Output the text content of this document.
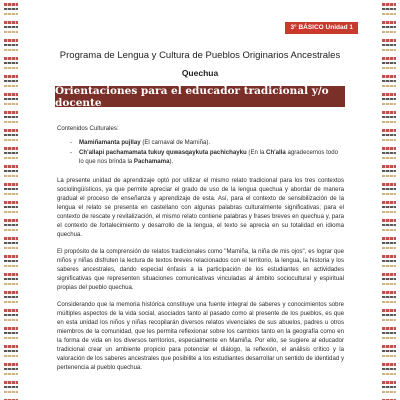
3° BÁSICO Unidad 1
Programa de Lengua y Cultura de Pueblos Originarios Ancestrales
Quechua
Orientaciones para el educador tradicional y/o docente

Contenidos Culturales:

- Mamiñamanta pujllay (El carnaval de Mamiña).
- Ch'allapi pachamamata tukuy quwasqaykuta pachichayku (En la Ch'alla agradecemos todo lo que nos brinda la Pachamama).

La presente unidad de aprendizaje optó por utilizar el mismo relato tradicional para los tres contextos sociolingüísticos, ya que permite apreciar el grado de uso de la lengua quechua y abordar de manera gradual el proceso de enseñanza y aprendizaje de esta. Así, para el contexto de sensibilización de la lengua el relato se presenta en castellano con algunas palabras culturalmente significativas; para el contexto de rescate y revitalización, el mismo relato contiene palabras y frases breves en quechua y, para el contexto de fortalecimiento y desarrollo de la lengua, el texto se aprecia en su totalidad en idioma quechua.

El propósito de la comprensión de relatos tradicionales como "Mamiña, la niña de mis ojos", es lograr que niños y niñas disfruten la lectura de textos breves relacionados con el territorio, la lengua, la historia y los saberes ancestrales, dando especial énfasis a la participación de los estudiantes en actividades significativas que representen situaciones comunicativas vinculadas al ámbito sociocultural y espiritual propias del pueblo quechua.

Considerando que la memoria histórica constituye una fuente integral de saberes y conocimientos sobre múltiples aspectos de la vida social, asociados tanto al pasado como al presente de los pueblos, es que en esta unidad los niños y niñas recopilarán diversos relatos vivenciales de sus abuelos, padres u otros miembros de la comunidad, que les permita reflexionar sobre los cambios tanto en la geografía como en la forma de vida en los diversos territorios, especialmente en Mamiña. Por ello, se sugiere al educador tradicional crear un ambiente propicio para potenciar el diálogo, la reflexión, el análisis crítico y la valoración de los saberes ancestrales que posibilite a los estudiantes desarrollar un sentido de identidad y pertenencia al pueblo quechua.
